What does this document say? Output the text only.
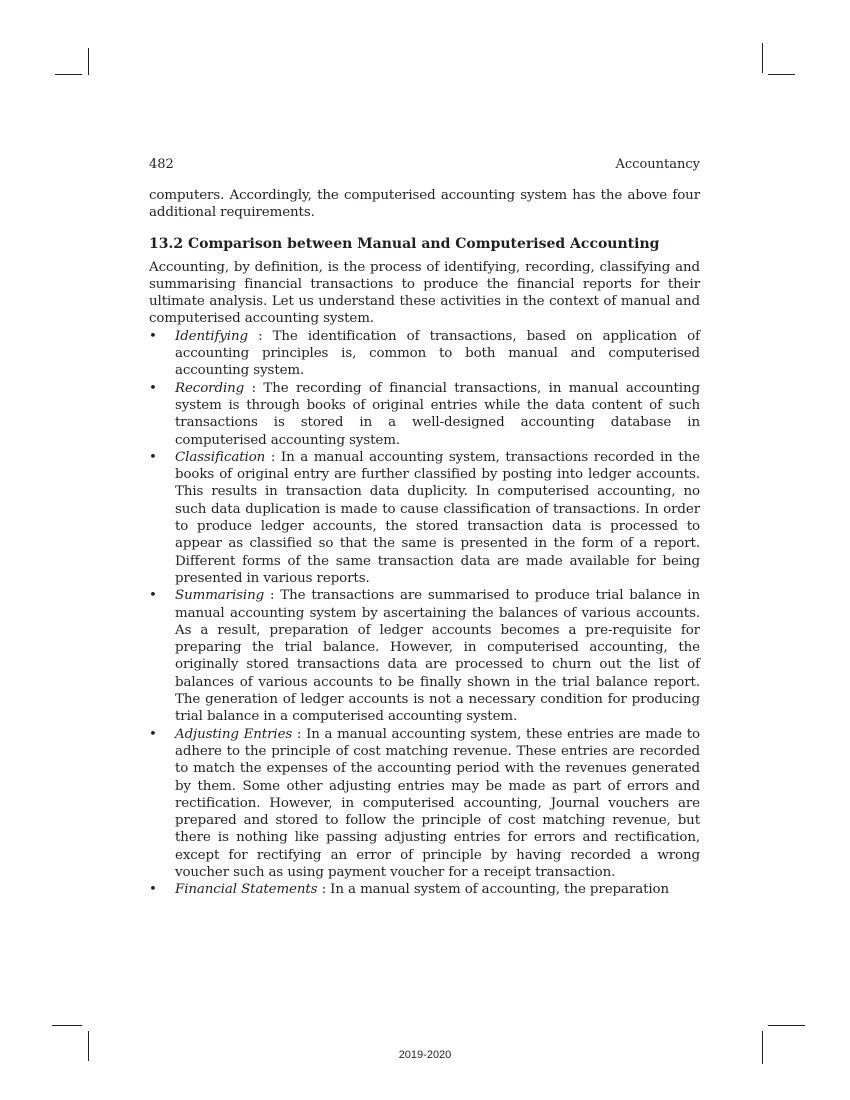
482	Accountancy

computers. Accordingly, the computerised accounting system has the above four additional requirements.

13.2 Comparison between Manual and Computerised Accounting

Accounting, by definition, is the process of identifying, recording, classifying and summarising financial transactions to produce the financial reports for their ultimate analysis. Let us understand these activities in the context of manual and computerised accounting system.

• Identifying : The identification of transactions, based on application of accounting principles is, common to both manual and computerised accounting system.
• Recording : The recording of financial transactions, in manual accounting system is through books of original entries while the data content of such transactions is stored in a well-designed accounting database in computerised accounting system.
• Classification : In a manual accounting system, transactions recorded in the books of original entry are further classified by posting into ledger accounts. This results in transaction data duplicity. In computerised accounting, no such data duplication is made to cause classification of transactions. In order to produce ledger accounts, the stored transaction data is processed to appear as classified so that the same is presented in the form of a report. Different forms of the same transaction data are made available for being presented in various reports.
• Summarising : The transactions are summarised to produce trial balance in manual accounting system by ascertaining the balances of various accounts. As a result, preparation of ledger accounts becomes a pre-requisite for preparing the trial balance. However, in computerised accounting, the originally stored transactions data are processed to churn out the list of balances of various accounts to be finally shown in the trial balance report. The generation of ledger accounts is not a necessary condition for producing trial balance in a computerised accounting system.
• Adjusting Entries : In a manual accounting system, these entries are made to adhere to the principle of cost matching revenue. These entries are recorded to match the expenses of the accounting period with the revenues generated by them. Some other adjusting entries may be made as part of errors and rectification. However, in computerised accounting, Journal vouchers are prepared and stored to follow the principle of cost matching revenue, but there is nothing like passing adjusting entries for errors and rectification, except for rectifying an error of principle by having recorded a wrong voucher such as using payment voucher for a receipt transaction.
• Financial Statements : In a manual system of accounting, the preparation
2019-2020
